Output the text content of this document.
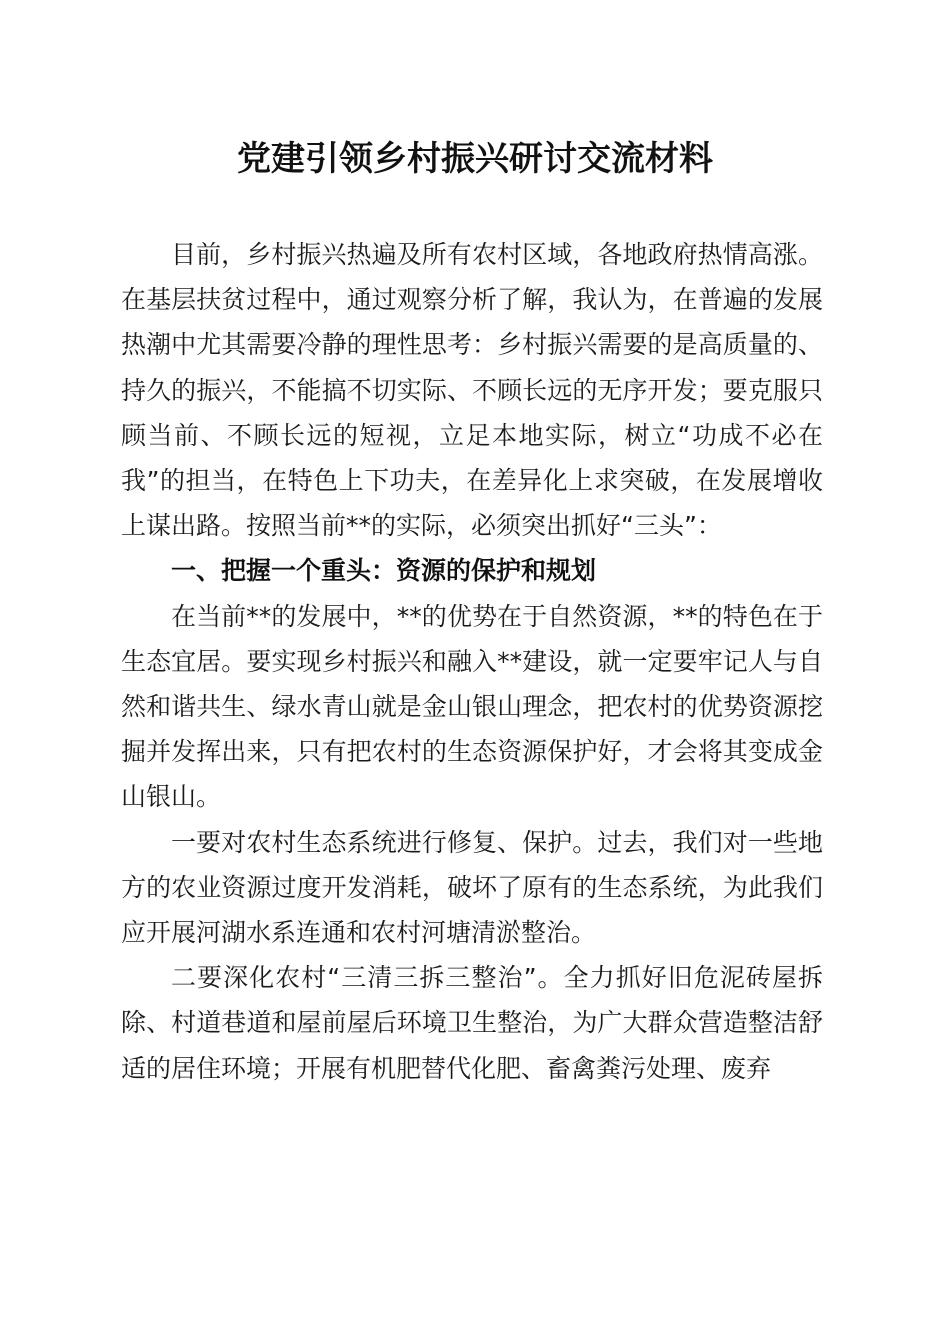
党建引领乡村振兴研讨交流材料

目前，乡村振兴热遍及所有农村区域，各地政府热情高涨。在基层扶贫过程中，通过观察分析了解，我认为，在普遍的发展热潮中尤其需要冷静的理性思考：乡村振兴需要的是高质量的、持久的振兴，不能搞不切实际、不顾长远的无序开发；要克服只顾当前、不顾长远的短视，立足本地实际，树立“功成不必在我”的担当，在特色上下功夫，在差异化上求突破，在发展增收上谋出路。按照当前**的实际，必须突出抓好“三头”：

一、把握一个重头：资源的保护和规划

在当前**的发展中，**的优势在于自然资源，**的特色在于生态宜居。要实现乡村振兴和融入**建设，就一定要牢记人与自然和谐共生、绿水青山就是金山银山理念，把农村的优势资源挖掘并发挥出来，只有把农村的生态资源保护好，才会将其变成金山银山。

一要对农村生态系统进行修复、保护。过去，我们对一些地方的农业资源过度开发消耗，破坏了原有的生态系统，为此我们应开展河湖水系连通和农村河塘清淤整治。

二要深化农村“三清三拆三整治”。全力抓好旧危泥砖屋拆除、村道巷道和屋前屋后环境卫生整治，为广大群众营造整洁舒适的居住环境；开展有机肥替代化肥、畜禽粪污处理、废弃
